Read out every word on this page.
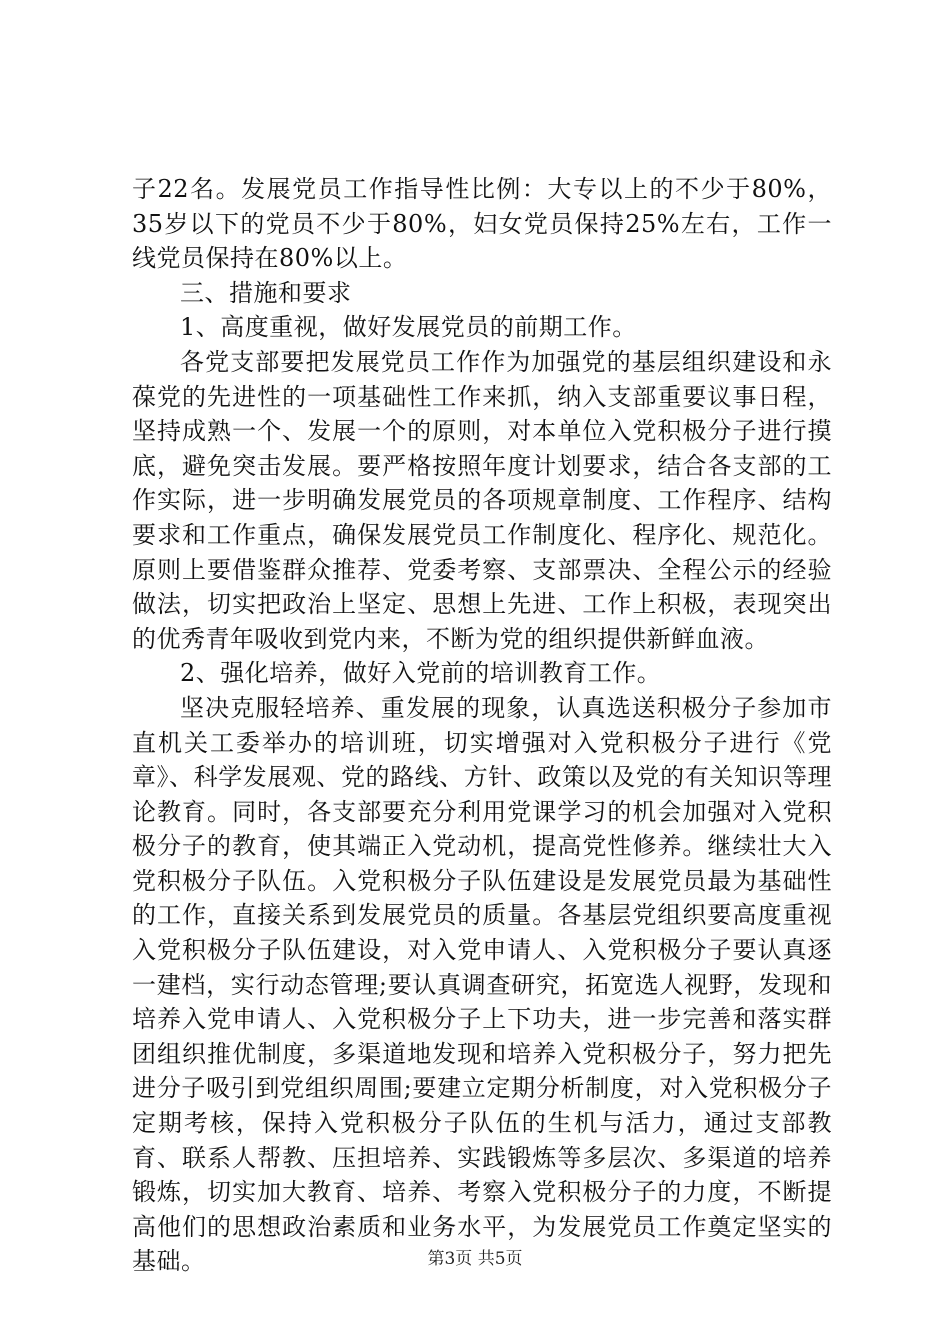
子22名。发展党员工作指导性比例：大专以上的不少于80%，35岁以下的党员不少于80%，妇女党员保持25%左右，工作一线党员保持在80%以上。

三、措施和要求

1、高度重视，做好发展党员的前期工作。

各党支部要把发展党员工作作为加强党的基层组织建设和永葆党的先进性的一项基础性工作来抓，纳入支部重要议事日程，坚持成熟一个、发展一个的原则，对本单位入党积极分子进行摸底，避免突击发展。要严格按照年度计划要求，结合各支部的工作实际，进一步明确发展党员的各项规章制度、工作程序、结构要求和工作重点，确保发展党员工作制度化、程序化、规范化。原则上要借鉴群众推荐、党委考察、支部票决、全程公示的经验做法，切实把政治上坚定、思想上先进、工作上积极，表现突出的优秀青年吸收到党内来，不断为党的组织提供新鲜血液。

2、强化培养，做好入党前的培训教育工作。

坚决克服轻培养、重发展的现象，认真选送积极分子参加市直机关工委举办的培训班，切实增强对入党积极分子进行《党章》、科学发展观、党的路线、方针、政策以及党的有关知识等理论教育。同时，各支部要充分利用党课学习的机会加强对入党积极分子的教育，使其端正入党动机，提高党性修养。继续壮大入党积极分子队伍。入党积极分子队伍建设是发展党员最为基础性的工作，直接关系到发展党员的质量。各基层党组织要高度重视入党积极分子队伍建设，对入党申请人、入党积极分子要认真逐一建档，实行动态管理;要认真调查研究，拓宽选人视野，发现和培养入党申请人、入党积极分子上下功夫，进一步完善和落实群团组织推优制度，多渠道地发现和培养入党积极分子，努力把先进分子吸引到党组织周围;要建立定期分析制度，对入党积极分子定期考核，保持入党积极分子队伍的生机与活力，通过支部教育、联系人帮教、压担培养、实践锻炼等多层次、多渠道的培养锻炼，切实加大教育、培养、考察入党积极分子的力度，不断提高他们的思想政治素质和业务水平，为发展党员工作奠定坚实的基础。	第3页 共5页
